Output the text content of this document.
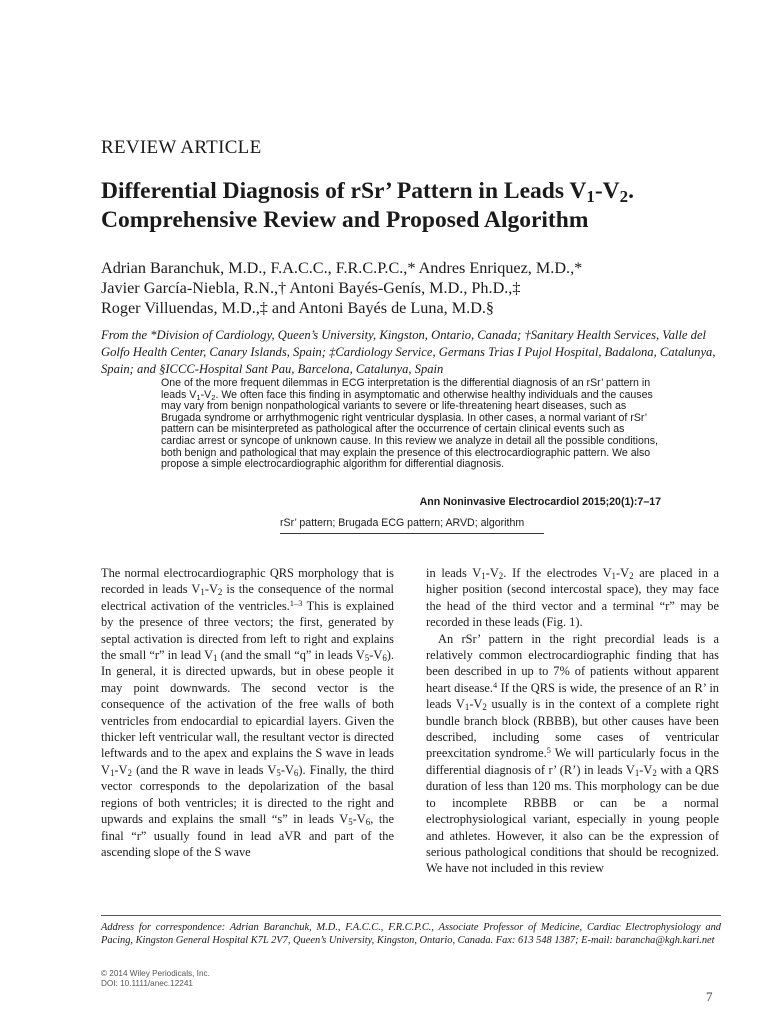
REVIEW ARTICLE
Differential Diagnosis of rSr’ Pattern in Leads $V_1-V_2$.
Comprehensive Review and Proposed Algorithm
Adrian Baranchuk, M.D., F.A.C.C., F.R.C.P.C.,* Andres Enriquez, M.D.,*
Javier García-Niebla, R.N.,† Antoni Bayés-Genís, M.D., Ph.D.,‡
Roger Villuendas, M.D.,‡ and Antoni Bayés de Luna, M.D.§
From the *Division of Cardiology, Queen’s University, Kingston, Ontario, Canada; †Sanitary Health Services, Valle del Golfo Health Center, Canary Islands, Spain; ‡Cardiology Service, Germans Trias I Pujol Hospital, Badalona, Catalunya, Spain; and §ICCC-Hospital Sant Pau, Barcelona, Catalunya, Spain
One of the more frequent dilemmas in ECG interpretation is the differential diagnosis of an rSr’ pattern in leads $V_1-V_2$. We often face this finding in asymptomatic and otherwise healthy individuals and the causes may vary from benign nonpathological variants to severe or life-threatening heart diseases, such as Brugada syndrome or arrhythmogenic right ventricular dysplasia. In other cases, a normal variant of rSr’ pattern can be misinterpreted as pathological after the occurrence of certain clinical events such as cardiac arrest or syncope of unknown cause. In this review we analyze in detail all the possible conditions, both benign and pathological that may explain the presence of this electrocardiographic pattern. We also propose a simple electrocardiographic algorithm for differential diagnosis.
Ann Noninvasive Electrocardiol 2015;20(1):7–17
rSr’ pattern; Brugada ECG pattern; ARVD; algorithm

The normal electrocardiographic QRS morphology that is recorded in leads $V_1-V_2$ is the consequence of the normal electrical activation of the ventricles.$^{1-3}$ This is explained by the presence of three vectors; the first, generated by septal activation is directed from left to right and explains the small “r” in lead $V_1$ (and the small “q” in leads $V_5-V_6$). In general, it is directed upwards, but in obese people it may point downwards. The second vector is the consequence of the activation of the free walls of both ventricles from endocardial to epicardial layers. Given the thicker left ventricular wall, the resultant vector is directed leftwards and to the apex and explains the S wave in leads $V_1-V_2$ (and the R wave in leads $V_5-V_6$). Finally, the third vector corresponds to the depolarization of the basal regions of both ventricles; it is directed to the right and upwards and explains the small “s” in leads $V_5-V_6$, the final “r” usually found in lead aVR and part of the ascending slope of the S wave

in leads $V_1-V_2$. If the electrodes $V_1-V_2$ are placed in a higher position (second intercostal space), they may face the head of the third vector and a terminal “r” may be recorded in these leads (Fig. 1).

An rSr’ pattern in the right precordial leads is a relatively common electrocardiographic finding that has been described in up to 7% of patients without apparent heart disease.$^4$ If the QRS is wide, the presence of an R’ in leads $V_1-V_2$ usually is in the context of a complete right bundle branch block (RBBB), but other causes have been described, including some cases of ventricular preexcitation syndrome.$^5$ We will particularly focus in the differential diagnosis of r’ (R’) in leads $V_1-V_2$ with a QRS duration of less than 120 ms. This morphology can be due to incomplete RBBB or can be a normal electrophysiological variant, especially in young people and athletes. However, it also can be the expression of serious pathological conditions that should be recognized. We have not included in this review

Address for correspondence: Adrian Baranchuk, M.D., F.A.C.C., F.R.C.P.C., Associate Professor of Medicine, Cardiac Electrophysiology and Pacing, Kingston General Hospital K7L 2V7, Queen’s University, Kingston, Ontario, Canada. Fax: 613 548 1387; E-mail: barancha@kgh.kari.net
© 2014 Wiley Periodicals, Inc.
DOI: 10.1111/anec.12241
7
